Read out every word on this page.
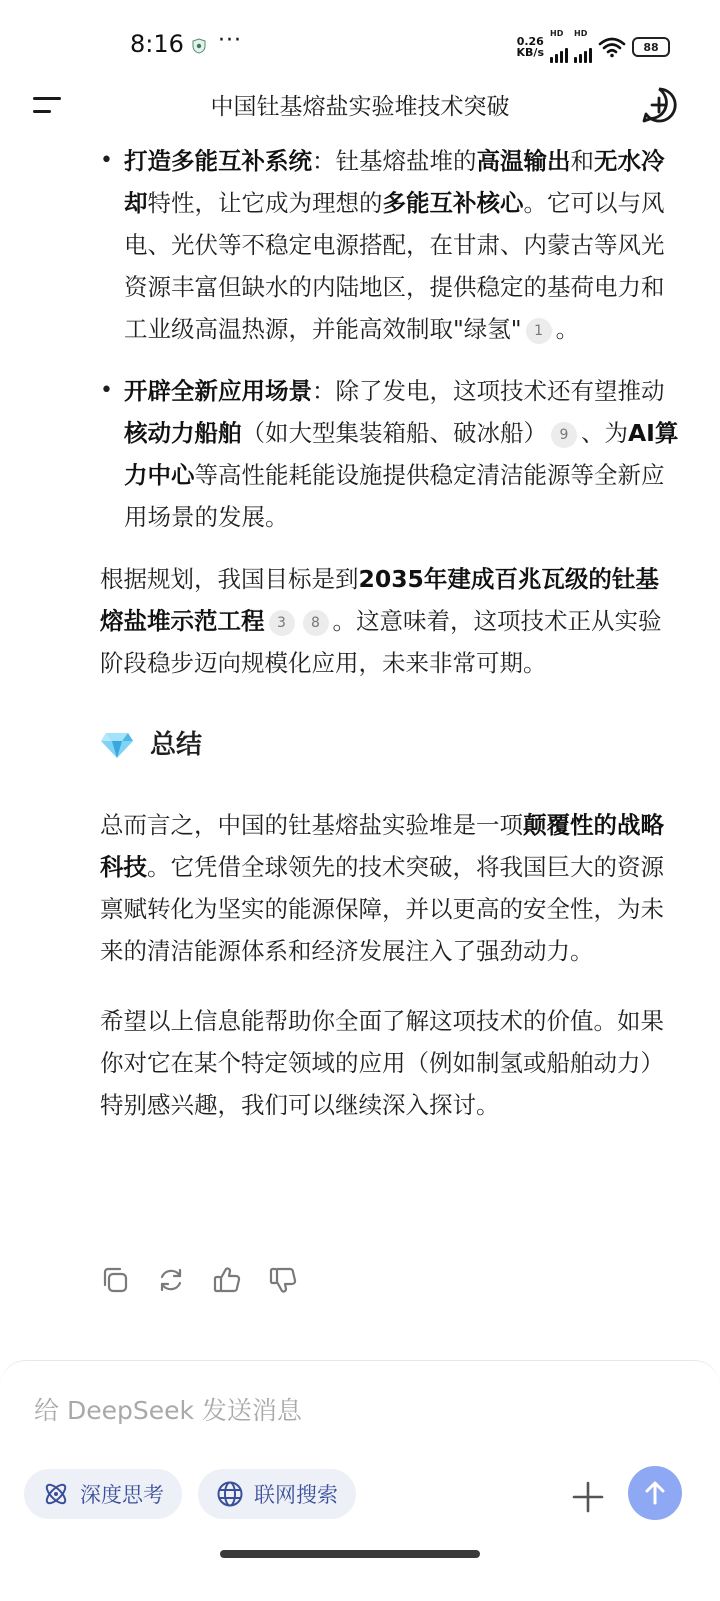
8:16 ···	0.26
KB/s
HD HD
88
中国钍基熔盐实验堆技术突破
• 打造多能互补系统：钍基熔盐堆的高温输出和无水冷却特性，让它成为理想的多能互补核心。它可以与风电、光伏等不稳定电源搭配，在甘肃、内蒙古等风光资源丰富但缺水的内陆地区，提供稳定的基荷电力和工业级高温热源，并能高效制取"绿氢" 1 。
• 开辟全新应用场景：除了发电，这项技术还有望推动核动力船舶（如大型集装箱船、破冰船） 9 、为AI算力中心等高性能耗能设施提供稳定清洁能源等全新应用场景的发展。

根据规划，我国目标是到2035年建成百兆瓦级的钍基熔盐堆示范工程 3 8 。这意味着，这项技术正从实验阶段稳步迈向规模化应用，未来非常可期。

总结

总而言之，中国的钍基熔盐实验堆是一项颠覆性的战略科技。它凭借全球领先的技术突破，将我国巨大的资源禀赋转化为坚实的能源保障，并以更高的安全性，为未来的清洁能源体系和经济发展注入了强劲动力。

希望以上信息能帮助你全面了解这项技术的价值。如果你对它在某个特定领域的应用（例如制氢或船舶动力）特别感兴趣，我们可以继续深入探讨。

给 DeepSeek 发送消息
深度思考	联网搜索
